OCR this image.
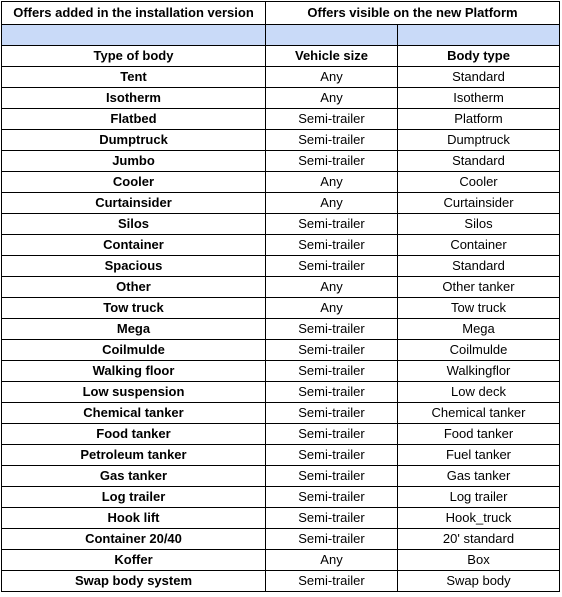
Offers added in the installation version	Offers visible on the new Platform	

Type of body	Vehicle size	Body type
Tent	Any	Standard
Isotherm	Any	Isotherm
Flatbed	Semi-trailer	Platform
Dumptruck	Semi-trailer	Dumptruck
Jumbo	Semi-trailer	Standard
Cooler	Any	Cooler
Curtainsider	Any	Curtainsider
Silos	Semi-trailer	Silos
Container	Semi-trailer	Container
Spacious	Semi-trailer	Standard
Other	Any	Other tanker
Tow truck	Any	Tow truck
Mega	Semi-trailer	Mega
Coilmulde	Semi-trailer	Coilmulde
Walking floor	Semi-trailer	Walkingflor
Low suspension	Semi-trailer	Low deck
Chemical tanker	Semi-trailer	Chemical tanker
Food tanker	Semi-trailer	Food tanker
Petroleum tanker	Semi-trailer	Fuel tanker
Gas tanker	Semi-trailer	Gas tanker
Log trailer	Semi-trailer	Log trailer
Hook lift	Semi-trailer	Hook_truck
Container 20/40	Semi-trailer	20' standard
Koffer	Any	Box
Swap body system	Semi-trailer	Swap body
